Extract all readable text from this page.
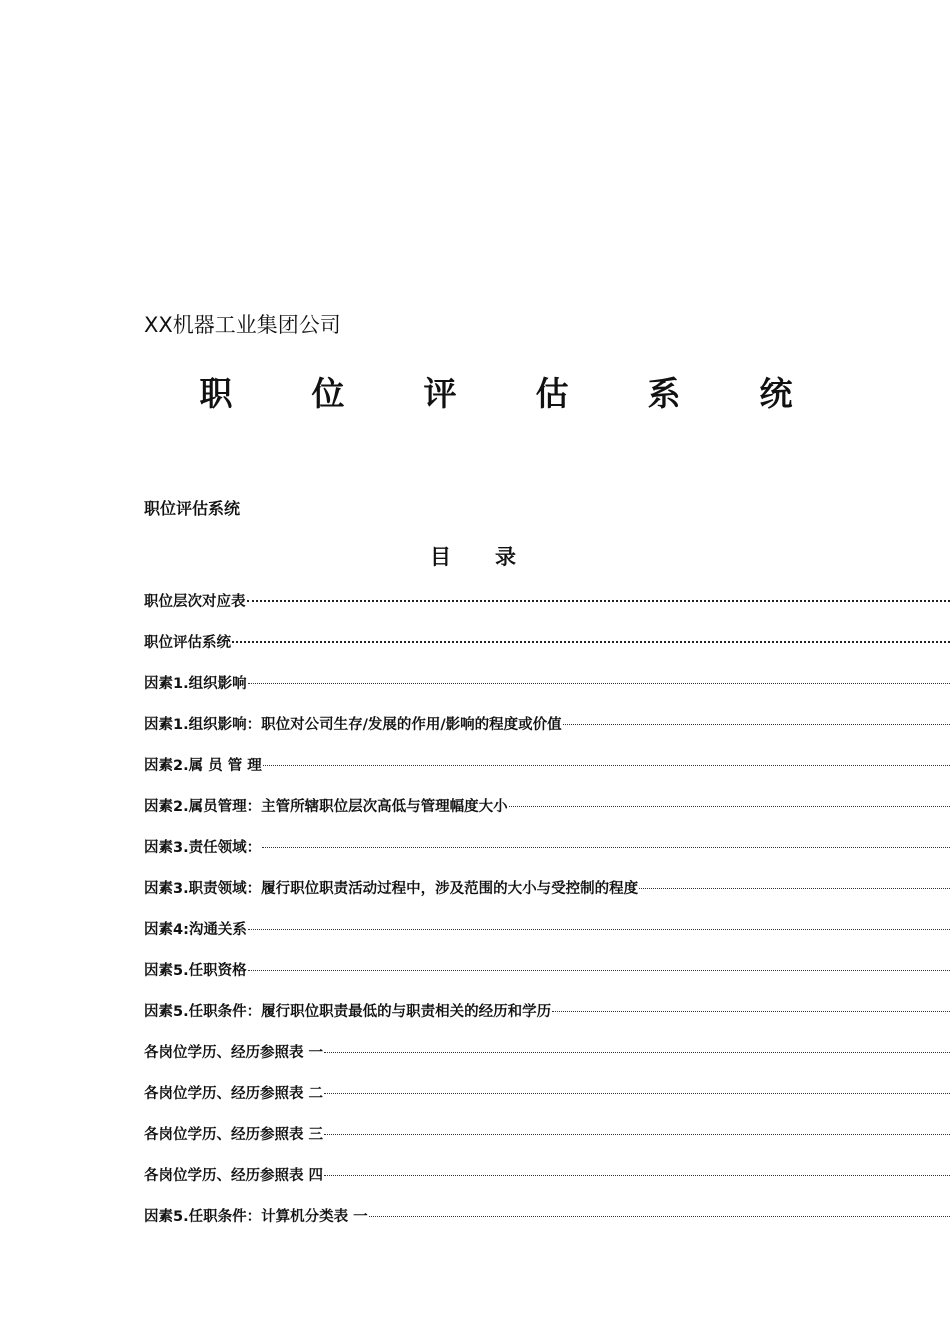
XX机器工业集团公司
职 位 评 估 系 统
职位评估系统
目 录
职位层次对应表
职位评估系统
因素1.组织影响
因素1.组织影响：职位对公司生存/发展的作用/影响的程度或价值
因素2.属 员 管 理
因素2.属员管理：主管所辖职位层次高低与管理幅度大小
因素3.责任领域：
因素3.职责领域：履行职位职责活动过程中，涉及范围的大小与受控制的程度
因素4:沟通关系
因素5.任职资格
因素5.任职条件：履行职位职责最低的与职责相关的经历和学历
各岗位学历、经历参照表 一
各岗位学历、经历参照表 二
各岗位学历、经历参照表 三
各岗位学历、经历参照表 四
因素5.任职条件：计算机分类表 一
